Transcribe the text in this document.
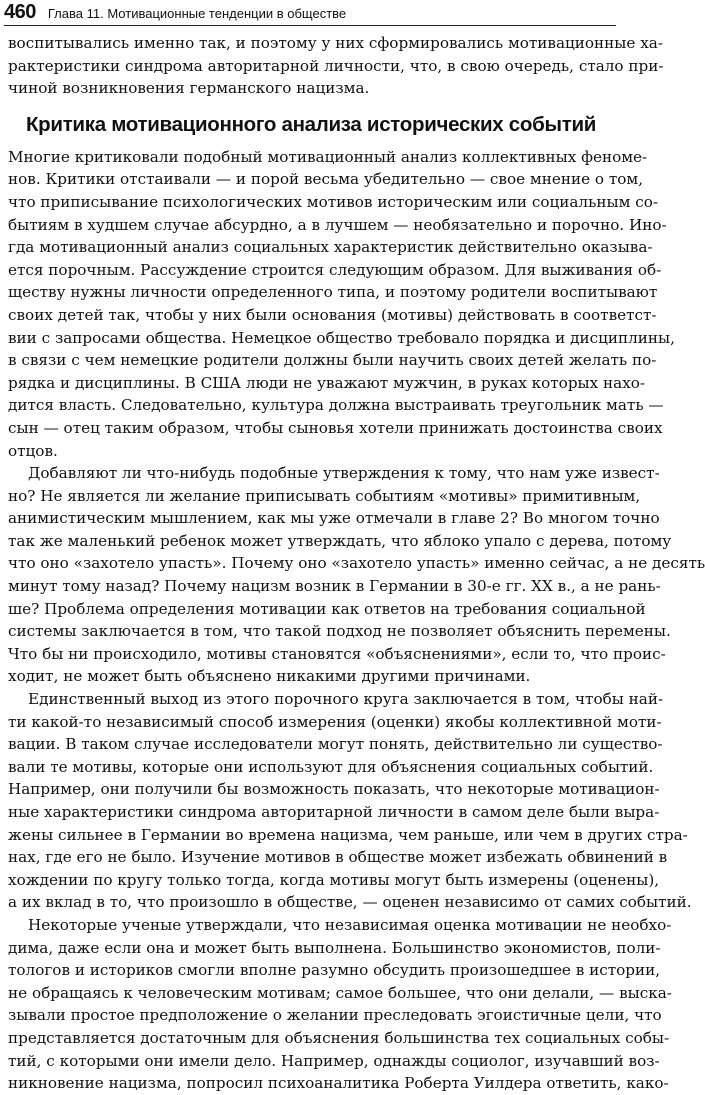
460 Глава 11. Мотивационные тенденции в обществе

воспитывались именно так, и поэтому у них сформировались мотивационные ха-
рактеристики синдрома авторитарной личности, что, в свою очередь, стало при-
чиной возникновения германского нацизма.

Критика мотивационного анализа исторических событий

Многие критиковали подобный мотивационный анализ коллективных феноме-
нов. Критики отстаивали — и порой весьма убедительно — свое мнение о том,
что приписывание психологических мотивов историческим или социальным со-
бытиям в худшем случае абсурдно, а в лучшем — необязательно и порочно. Ино-
гда мотивационный анализ социальных характеристик действительно оказыва-
ется порочным. Рассуждение строится следующим образом. Для выживания об-
ществу нужны личности определенного типа, и поэтому родители воспитывают
своих детей так, чтобы у них были основания (мотивы) действовать в соответст-
вии с запросами общества. Немецкое общество требовало порядка и дисциплины,
в связи с чем немецкие родители должны были научить своих детей желать по-
рядка и дисциплины. В США люди не уважают мужчин, в руках которых нахо-
дится власть. Следовательно, культура должна выстраивать треугольник мать —
сын — отец таким образом, чтобы сыновья хотели принижать достоинства своих
отцов.

Добавляют ли что-нибудь подобные утверждения к тому, что нам уже извест-
но? Не является ли желание приписывать событиям «мотивы» примитивным,
анимистическим мышлением, как мы уже отмечали в главе 2? Во многом точно
так же маленький ребенок может утверждать, что яблоко упало с дерева, потому
что оно «захотело упасть». Почему оно «захотело упасть» именно сейчас, а не десять
минут тому назад? Почему нацизм возник в Германии в 30-е гг. XX в., а не рань-
ше? Проблема определения мотивации как ответов на требования социальной
системы заключается в том, что такой подход не позволяет объяснить перемены.
Что бы ни происходило, мотивы становятся «объяснениями», если то, что проис-
ходит, не может быть объяснено никакими другими причинами.

Единственный выход из этого порочного круга заключается в том, чтобы най-
ти какой-то независимый способ измерения (оценки) якобы коллективной моти-
вации. В таком случае исследователи могут понять, действительно ли существо-
вали те мотивы, которые они используют для объяснения социальных событий.
Например, они получили бы возможность показать, что некоторые мотивацион-
ные характеристики синдрома авторитарной личности в самом деле были выра-
жены сильнее в Германии во времена нацизма, чем раньше, или чем в других стра-
нах, где его не было. Изучение мотивов в обществе может избежать обвинений в
хождении по кругу только тогда, когда мотивы могут быть измерены (оценены),
а их вклад в то, что произошло в обществе, — оценен независимо от самих событий.

Некоторые ученые утверждали, что независимая оценка мотивации не необхо-
дима, даже если она и может быть выполнена. Большинство экономистов, поли-
тологов и историков смогли вполне разумно обсудить произошедшее в истории,
не обращаясь к человеческим мотивам; самое большее, что они делали, — выска-
зывали простое предположение о желании преследовать эгоистичные цели, что
представляется достаточным для объяснения большинства тех социальных собы-
тий, с которыми они имели дело. Например, однажды социолог, изучавший воз-
никновение нацизма, попросил психоаналитика Роберта Уилдера ответить, како-
